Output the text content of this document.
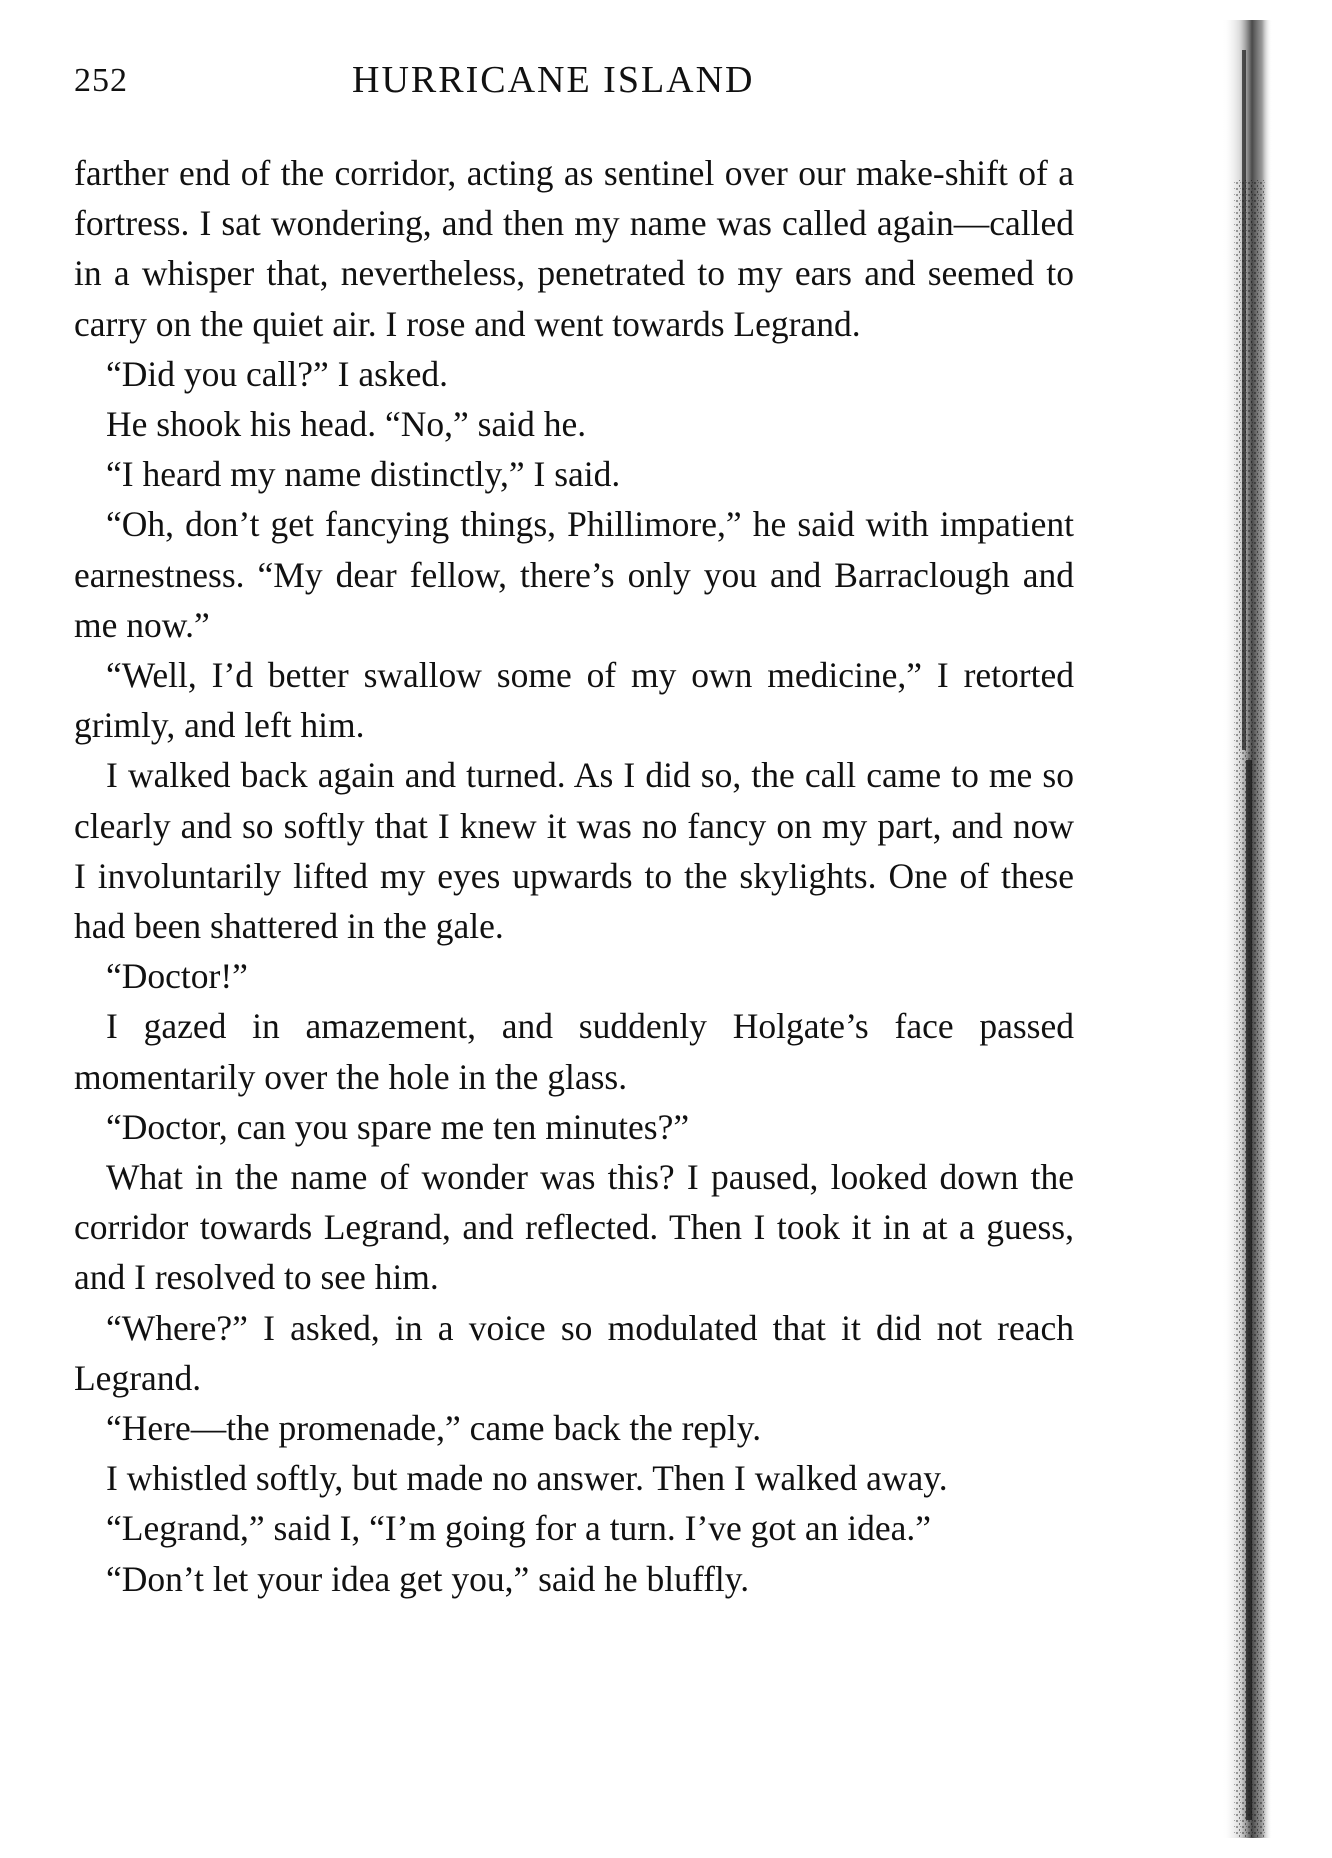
252	HURRICANE ISLAND

farther end of the corridor, acting as sentinel over our make-shift of a fortress. I sat wondering, and then my name was called again—called in a whisper that, nevertheless, penetrated to my ears and seemed to carry on the quiet air. I rose and went towards Legrand.

“Did you call?” I asked.

He shook his head. “No,” said he.

“I heard my name distinctly,” I said.

“Oh, don’t get fancying things, Phillimore,” he said with impatient earnestness. “My dear fellow, there’s only you and Barraclough and me now.”

“Well, I’d better swallow some of my own medicine,” I retorted grimly, and left him.

I walked back again and turned. As I did so, the call came to me so clearly and so softly that I knew it was no fancy on my part, and now I involuntarily lifted my eyes upwards to the skylights. One of these had been shattered in the gale.

“Doctor!”

I gazed in amazement, and suddenly Holgate’s face passed momentarily over the hole in the glass.

“Doctor, can you spare me ten minutes?”

What in the name of wonder was this? I paused, looked down the corridor towards Legrand, and reflected. Then I took it in at a guess, and I resolved to see him.

“Where?” I asked, in a voice so modulated that it did not reach Legrand.

“Here—the promenade,” came back the reply.

I whistled softly, but made no answer. Then I walked away.

“Legrand,” said I, “I’m going for a turn. I’ve got an idea.”

“Don’t let your idea get you,” said he bluffly.
